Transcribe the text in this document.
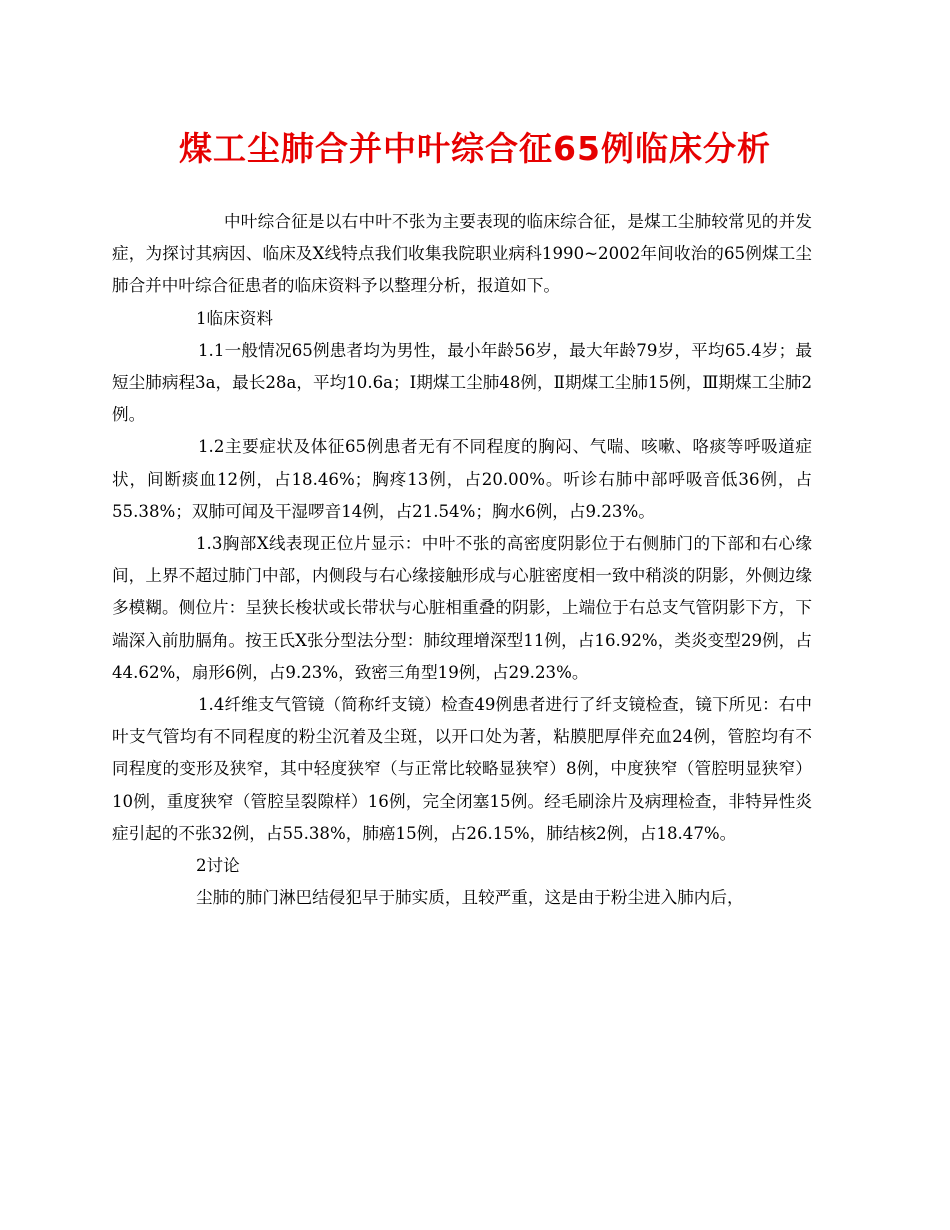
煤工尘肺合并中叶综合征65例临床分析

中叶综合征是以右中叶不张为主要表现的临床综合征，是煤工尘肺较常见的并发症，为探讨其病因、临床及X线特点我们收集我院职业病科1990~2002年间收治的65例煤工尘肺合并中叶综合征患者的临床资料予以整理分析，报道如下。

1临床资料

1.1一般情况65例患者均为男性，最小年龄56岁，最大年龄79岁，平均65.4岁；最短尘肺病程3a，最长28a，平均10.6a；Ⅰ期煤工尘肺48例，Ⅱ期煤工尘肺15例，Ⅲ期煤工尘肺2例。

1.2主要症状及体征65例患者无有不同程度的胸闷、气喘、咳嗽、咯痰等呼吸道症状，间断痰血12例，占18.46%；胸疼13例，占20.00%。听诊右肺中部呼吸音低36例，占55.38%；双肺可闻及干湿啰音14例，占21.54%；胸水6例，占9.23%。

1.3胸部X线表现正位片显示：中叶不张的高密度阴影位于右侧肺门的下部和右心缘间，上界不超过肺门中部，内侧段与右心缘接触形成与心脏密度相一致中稍淡的阴影，外侧边缘多模糊。侧位片：呈狭长梭状或长带状与心脏相重叠的阴影，上端位于右总支气管阴影下方，下端深入前肋膈角。按王氏X张分型法分型：肺纹理增深型11例，占16.92%，类炎变型29例，占44.62%，扇形6例，占9.23%，致密三角型19例，占29.23%。

1.4纤维支气管镜（简称纤支镜）检查49例患者进行了纤支镜检查，镜下所见：右中叶支气管均有不同程度的粉尘沉着及尘斑，以开口处为著，粘膜肥厚伴充血24例，管腔均有不同程度的变形及狭窄，其中轻度狭窄（与正常比较略显狭窄）8例，中度狭窄（管腔明显狭窄）10例，重度狭窄（管腔呈裂隙样）16例，完全闭塞15例。经毛刷涂片及病理检查，非特异性炎症引起的不张32例，占55.38%，肺癌15例，占26.15%，肺结核2例，占18.47%。

2讨论

尘肺的肺门淋巴结侵犯早于肺实质，且较严重，这是由于粉尘进入肺内后，
